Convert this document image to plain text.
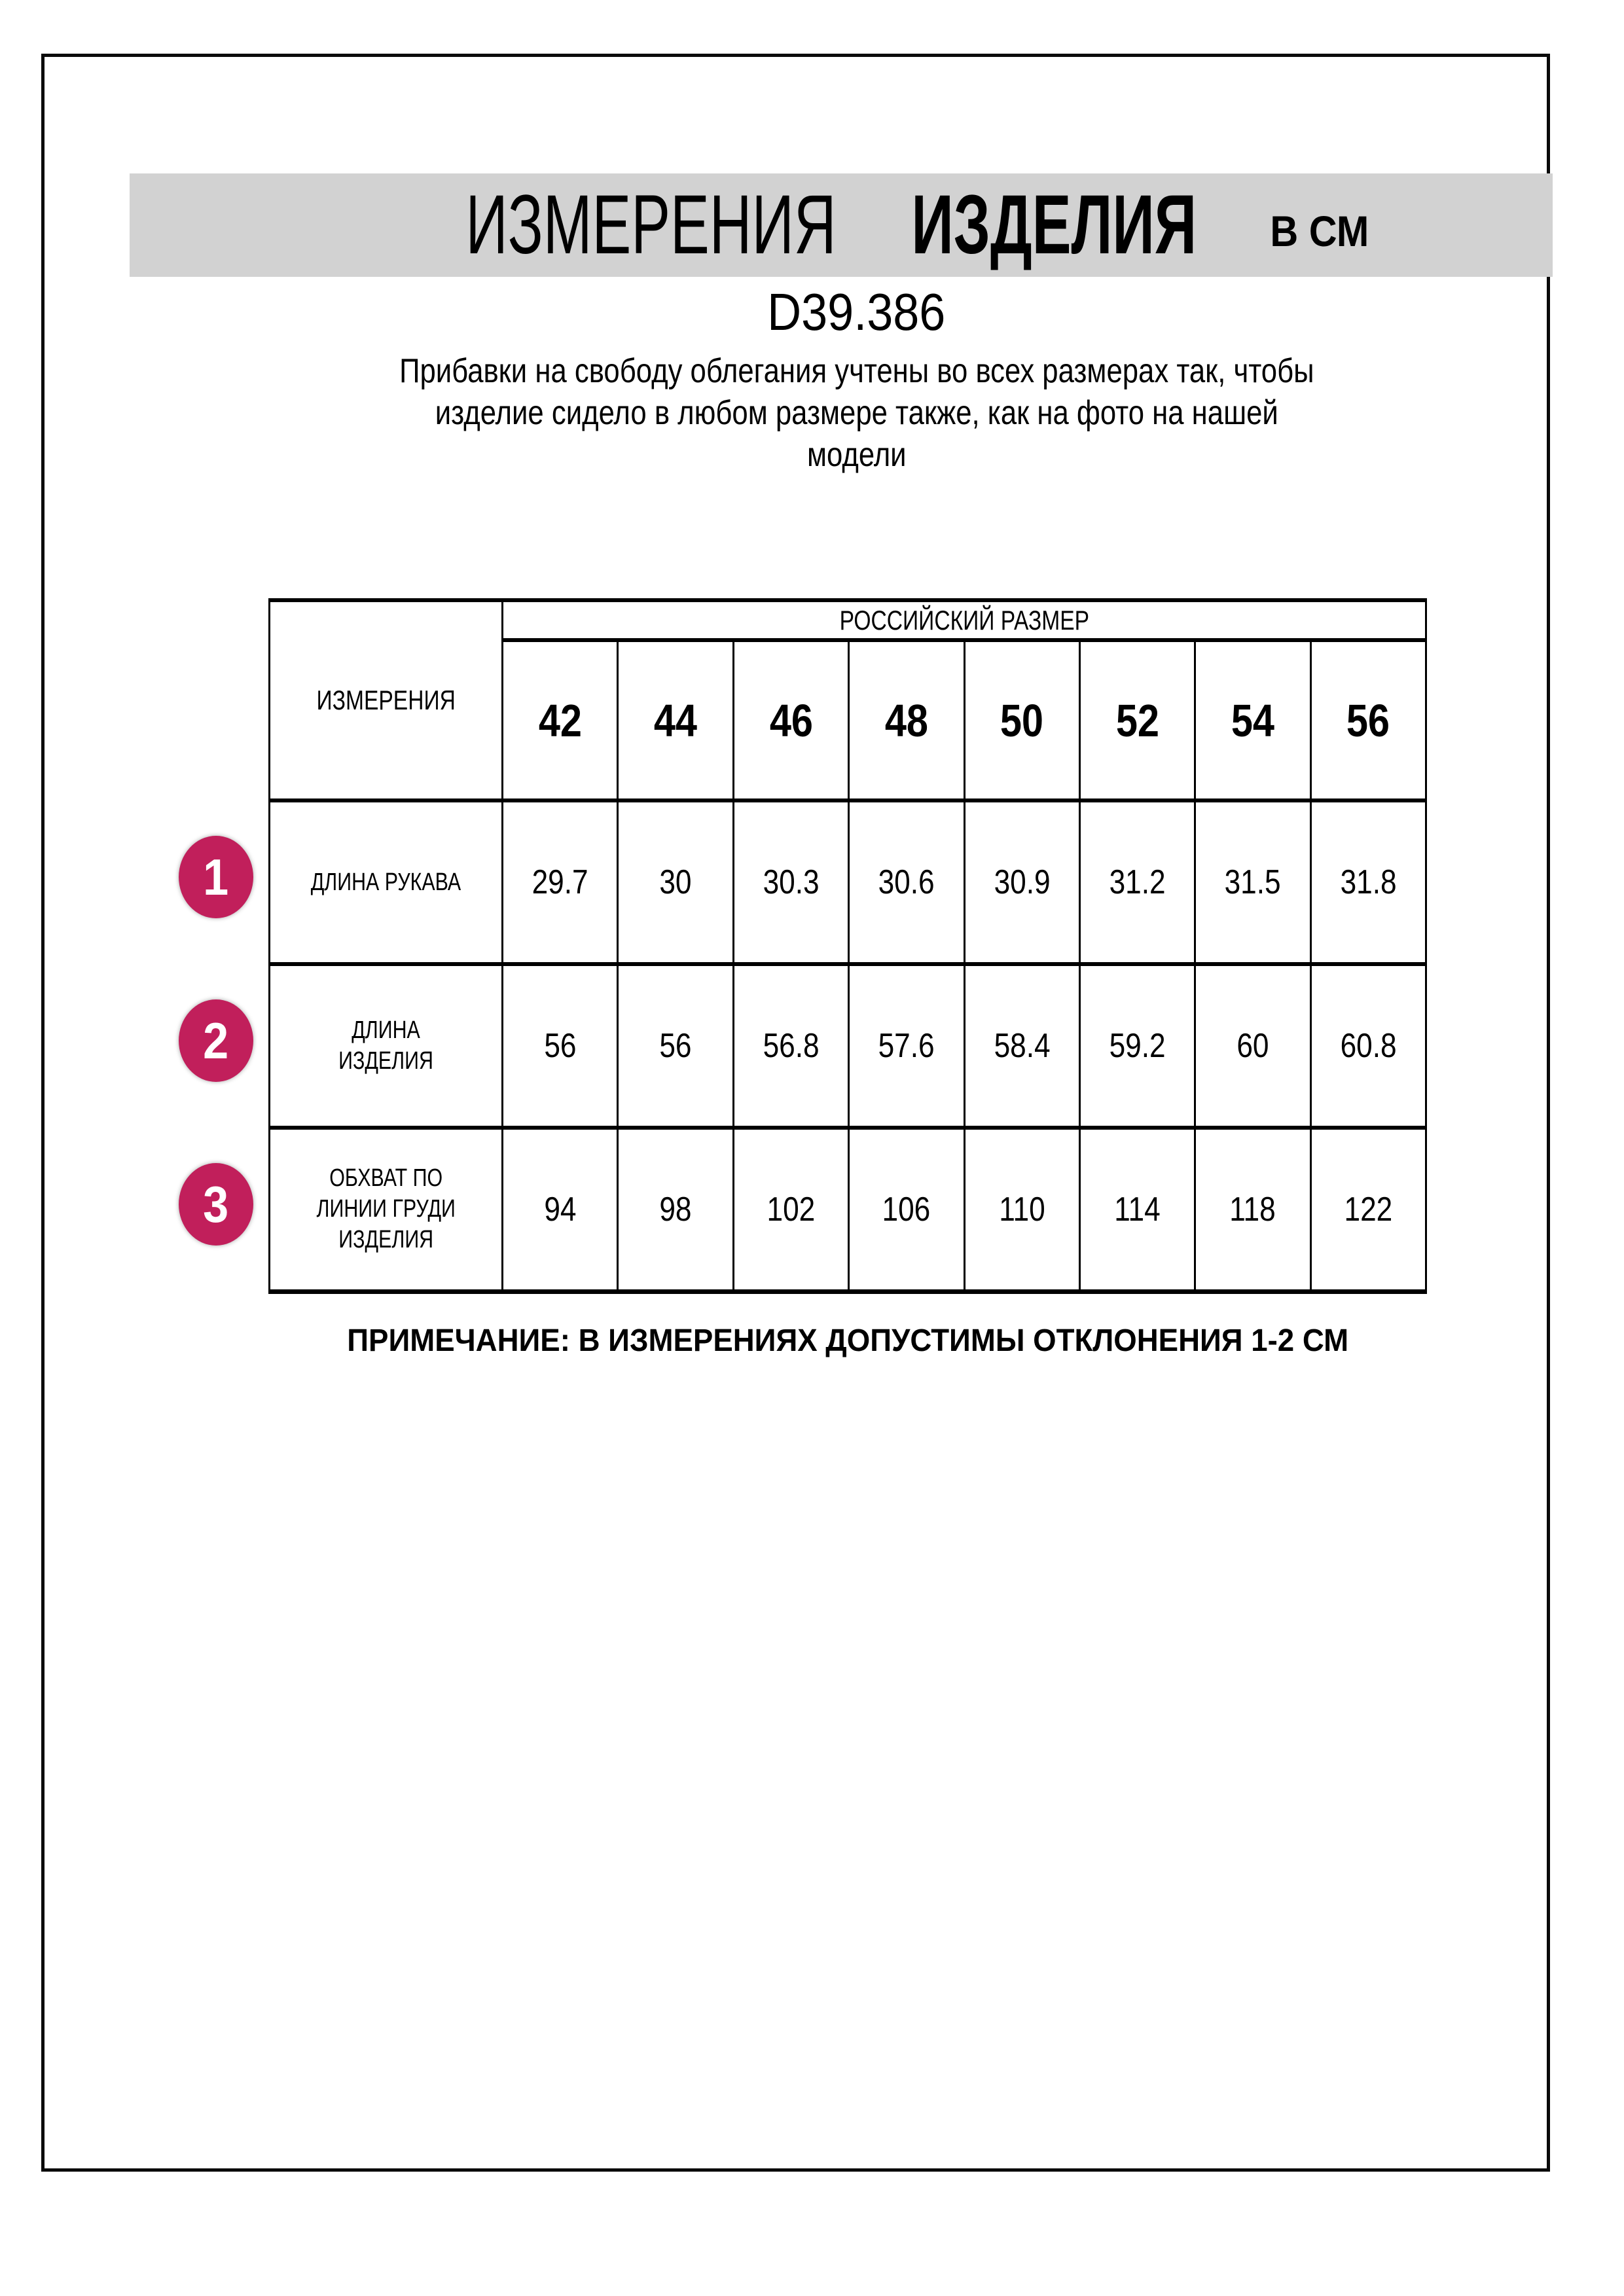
ИЗМЕРЕНИЯ ИЗДЕЛИЯ	В СМ
D39.386
Прибавки на свободу облегания учтены во всех размерах так, чтобы
изделие сидело в любом размере также, как на фото на нашей
модели
ИЗМЕРЕНИЯ	РОССИЙСКИЙ РАЗМЕР							
	42	44	46	48	50	52	54	56

ДЛИНА РУКАВА	29.7	30	30.3	30.6	30.9	31.2	31.5	31.8

ДЛИНА
ИЗДЕЛИЯ	56	56	56.8	57.6	58.4	59.2	60	60.8

ОБХВАТ ПО
ЛИНИИ ГРУДИ
ИЗДЕЛИЯ	94	98	102	106	110	114	118	122
1
2
3
ПРИМЕЧАНИЕ: В ИЗМЕРЕНИЯХ ДОПУСТИМЫ ОТКЛОНЕНИЯ 1-2 СМ
